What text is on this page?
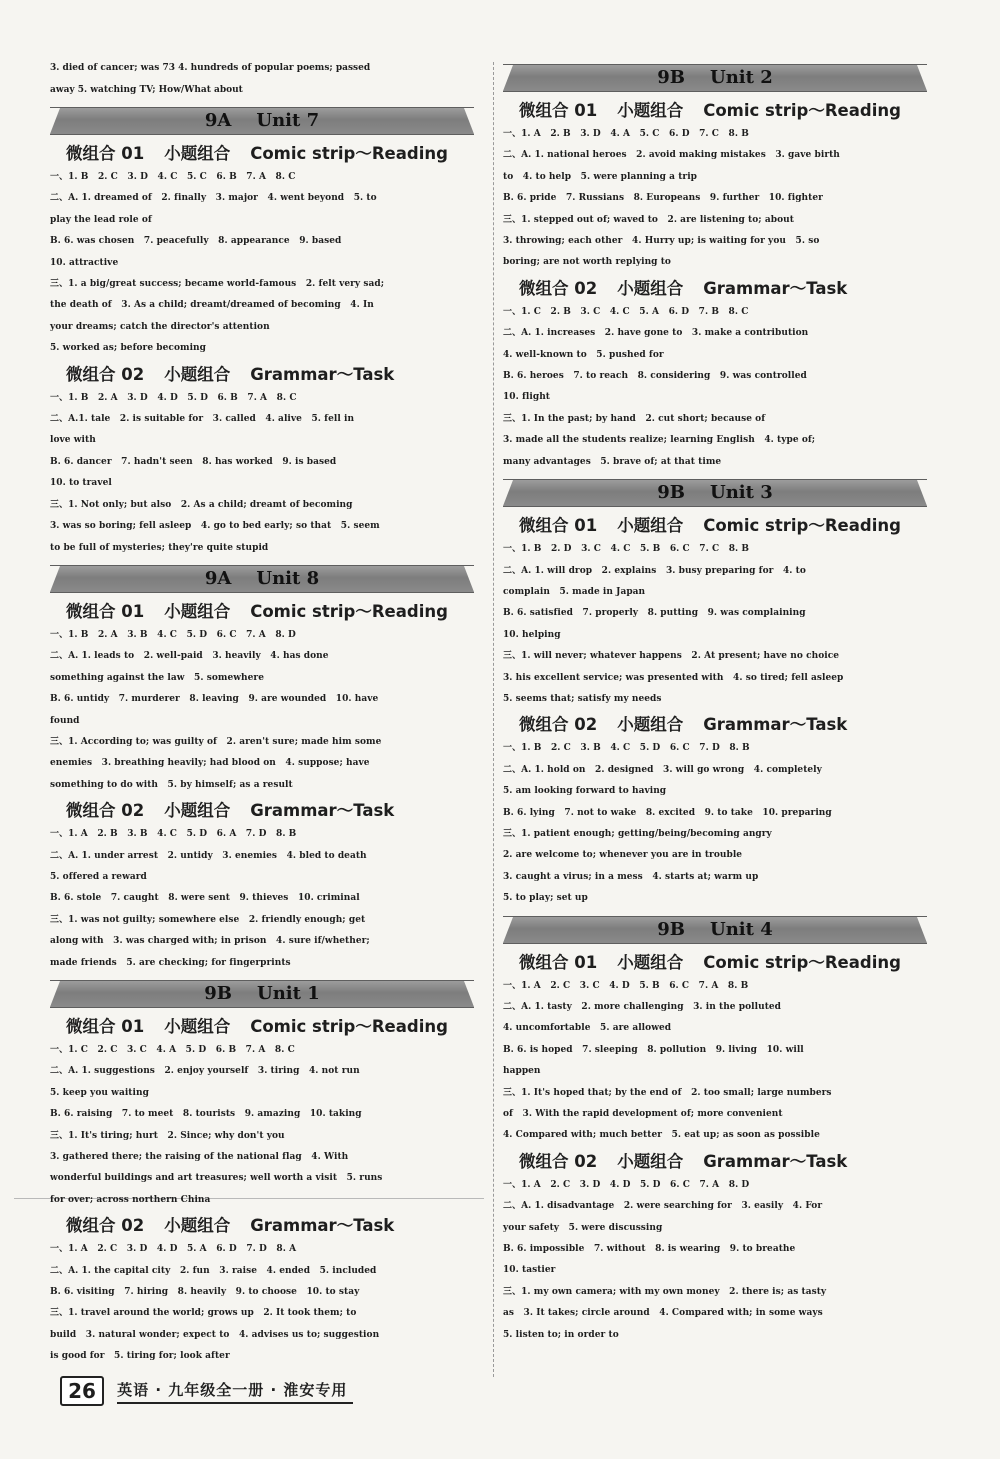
3. died of cancer; was 73 4. hundreds of popular poems; passed

away 5. watching TV; How/What about

9A    Unit 7
微组合 01 小题组合 Comic strip～Reading
一、1. B   2. C   3. D   4. C   5. C   6. B   7. A   8. C
二、A. 1. dreamed of   2. finally   3. major   4. went beyond   5. to
play the lead role of
B. 6. was chosen   7. peacefully   8. appearance   9. based
10. attractive
三、1. a big/great success; became world-famous   2. felt very sad;
the death of   3. As a child; dreamt/dreamed of becoming   4. In
your dreams; catch the director's attention
5. worked as; before becoming
微组合 02 小题组合 Grammar～Task
一、1. B   2. A   3. D   4. D   5. D   6. B   7. A   8. C
二、A.1. tale   2. is suitable for   3. called   4. alive   5. fell in
love with
B. 6. dancer   7. hadn't seen   8. has worked   9. is based
10. to travel
三、1. Not only; but also   2. As a child; dreamt of becoming
3. was so boring; fell asleep   4. go to bed early; so that   5. seem
to be full of mysteries; they're quite stupid
9A    Unit 8
微组合 01 小题组合 Comic strip～Reading
一、1. B   2. A   3. B   4. C   5. D   6. C   7. A   8. D
二、A. 1. leads to   2. well-paid   3. heavily   4. has done
something against the law   5. somewhere
B. 6. untidy   7. murderer   8. leaving   9. are wounded   10. have
found
三、1. According to; was guilty of   2. aren't sure; made him some
enemies   3. breathing heavily; had blood on   4. suppose; have
something to do with   5. by himself; as a result
微组合 02 小题组合 Grammar～Task
一、1. A   2. B   3. B   4. C   5. D   6. A   7. D   8. B
二、A. 1. under arrest   2. untidy   3. enemies   4. bled to death
5. offered a reward
B. 6. stole   7. caught   8. were sent   9. thieves   10. criminal
三、1. was not guilty; somewhere else   2. friendly enough; get
along with   3. was charged with; in prison   4. sure if/whether;
made friends   5. are checking; for fingerprints
9B    Unit 1
微组合 01 小题组合 Comic strip～Reading
一、1. C   2. C   3. C   4. A   5. D   6. B   7. A   8. C
二、A. 1. suggestions   2. enjoy yourself   3. tiring   4. not run
5. keep you waiting
B. 6. raising   7. to meet   8. tourists   9. amazing   10. taking
三、1. It's tiring; hurt   2. Since; why don't you
3. gathered there; the raising of the national flag   4. With
wonderful buildings and art treasures; well worth a visit   5. runs
for over; across northern China
微组合 02 小题组合 Grammar～Task
一、1. A   2. C   3. D   4. D   5. A   6. D   7. D   8. A
二、A. 1. the capital city   2. fun   3. raise   4. ended   5. included
B. 6. visiting   7. hiring   8. heavily   9. to choose   10. to stay
三、1. travel around the world; grows up   2. It took them; to
build   3. natural wonder; expect to   4. advises us to; suggestion
is good for   5. tiring for; look after
9B    Unit 2
微组合 01 小题组合 Comic strip～Reading
一、1. A   2. B   3. D   4. A   5. C   6. D   7. C   8. B
二、A. 1. national heroes   2. avoid making mistakes   3. gave birth
to   4. to help   5. were planning a trip
B. 6. pride   7. Russians   8. Europeans   9. further   10. fighter
三、1. stepped out of; waved to   2. are listening to; about
3. throwing; each other   4. Hurry up; is waiting for you   5. so
boring; are not worth replying to
微组合 02 小题组合 Grammar～Task
一、1. C   2. B   3. C   4. C   5. A   6. D   7. B   8. C
二、A. 1. increases   2. have gone to   3. make a contribution
4. well-known to   5. pushed for
B. 6. heroes   7. to reach   8. considering   9. was controlled
10. flight
三、1. In the past; by hand   2. cut short; because of
3. made all the students realize; learning English   4. type of;
many advantages   5. brave of; at that time
9B    Unit 3
微组合 01 小题组合 Comic strip～Reading
一、1. B   2. D   3. C   4. C   5. B   6. C   7. C   8. B
二、A. 1. will drop   2. explains   3. busy preparing for   4. to
complain   5. made in Japan
B. 6. satisfied   7. properly   8. putting   9. was complaining
10. helping
三、1. will never; whatever happens   2. At present; have no choice
3. his excellent service; was presented with   4. so tired; fell asleep
5. seems that; satisfy my needs
微组合 02 小题组合 Grammar～Task
一、1. B   2. C   3. B   4. C   5. D   6. C   7. D   8. B
二、A. 1. hold on   2. designed   3. will go wrong   4. completely
5. am looking forward to having
B. 6. lying   7. not to wake   8. excited   9. to take   10. preparing
三、1. patient enough; getting/being/becoming angry
2. are welcome to; whenever you are in trouble
3. caught a virus; in a mess   4. starts at; warm up
5. to play; set up
9B    Unit 4
微组合 01 小题组合 Comic strip～Reading
一、1. A   2. C   3. C   4. D   5. B   6. C   7. A   8. B
二、A. 1. tasty   2. more challenging   3. in the polluted
4. uncomfortable   5. are allowed
B. 6. is hoped   7. sleeping   8. pollution   9. living   10. will
happen
三、1. It's hoped that; by the end of   2. too small; large numbers
of   3. With the rapid development of; more convenient
4. Compared with; much better   5. eat up; as soon as possible
微组合 02 小题组合 Grammar～Task
一、1. A   2. C   3. D   4. D   5. D   6. C   7. A   8. D
二、A. 1. disadvantage   2. were searching for   3. easily   4. For
your safety   5. were discussing
B. 6. impossible   7. without   8. is wearing   9. to breathe
10. tastier
三、1. my own camera; with my own money   2. there is; as tasty
as   3. It takes; circle around   4. Compared with; in some ways
5. listen to; in order to
26 英语 · 九年级全一册 · 淮安专用
